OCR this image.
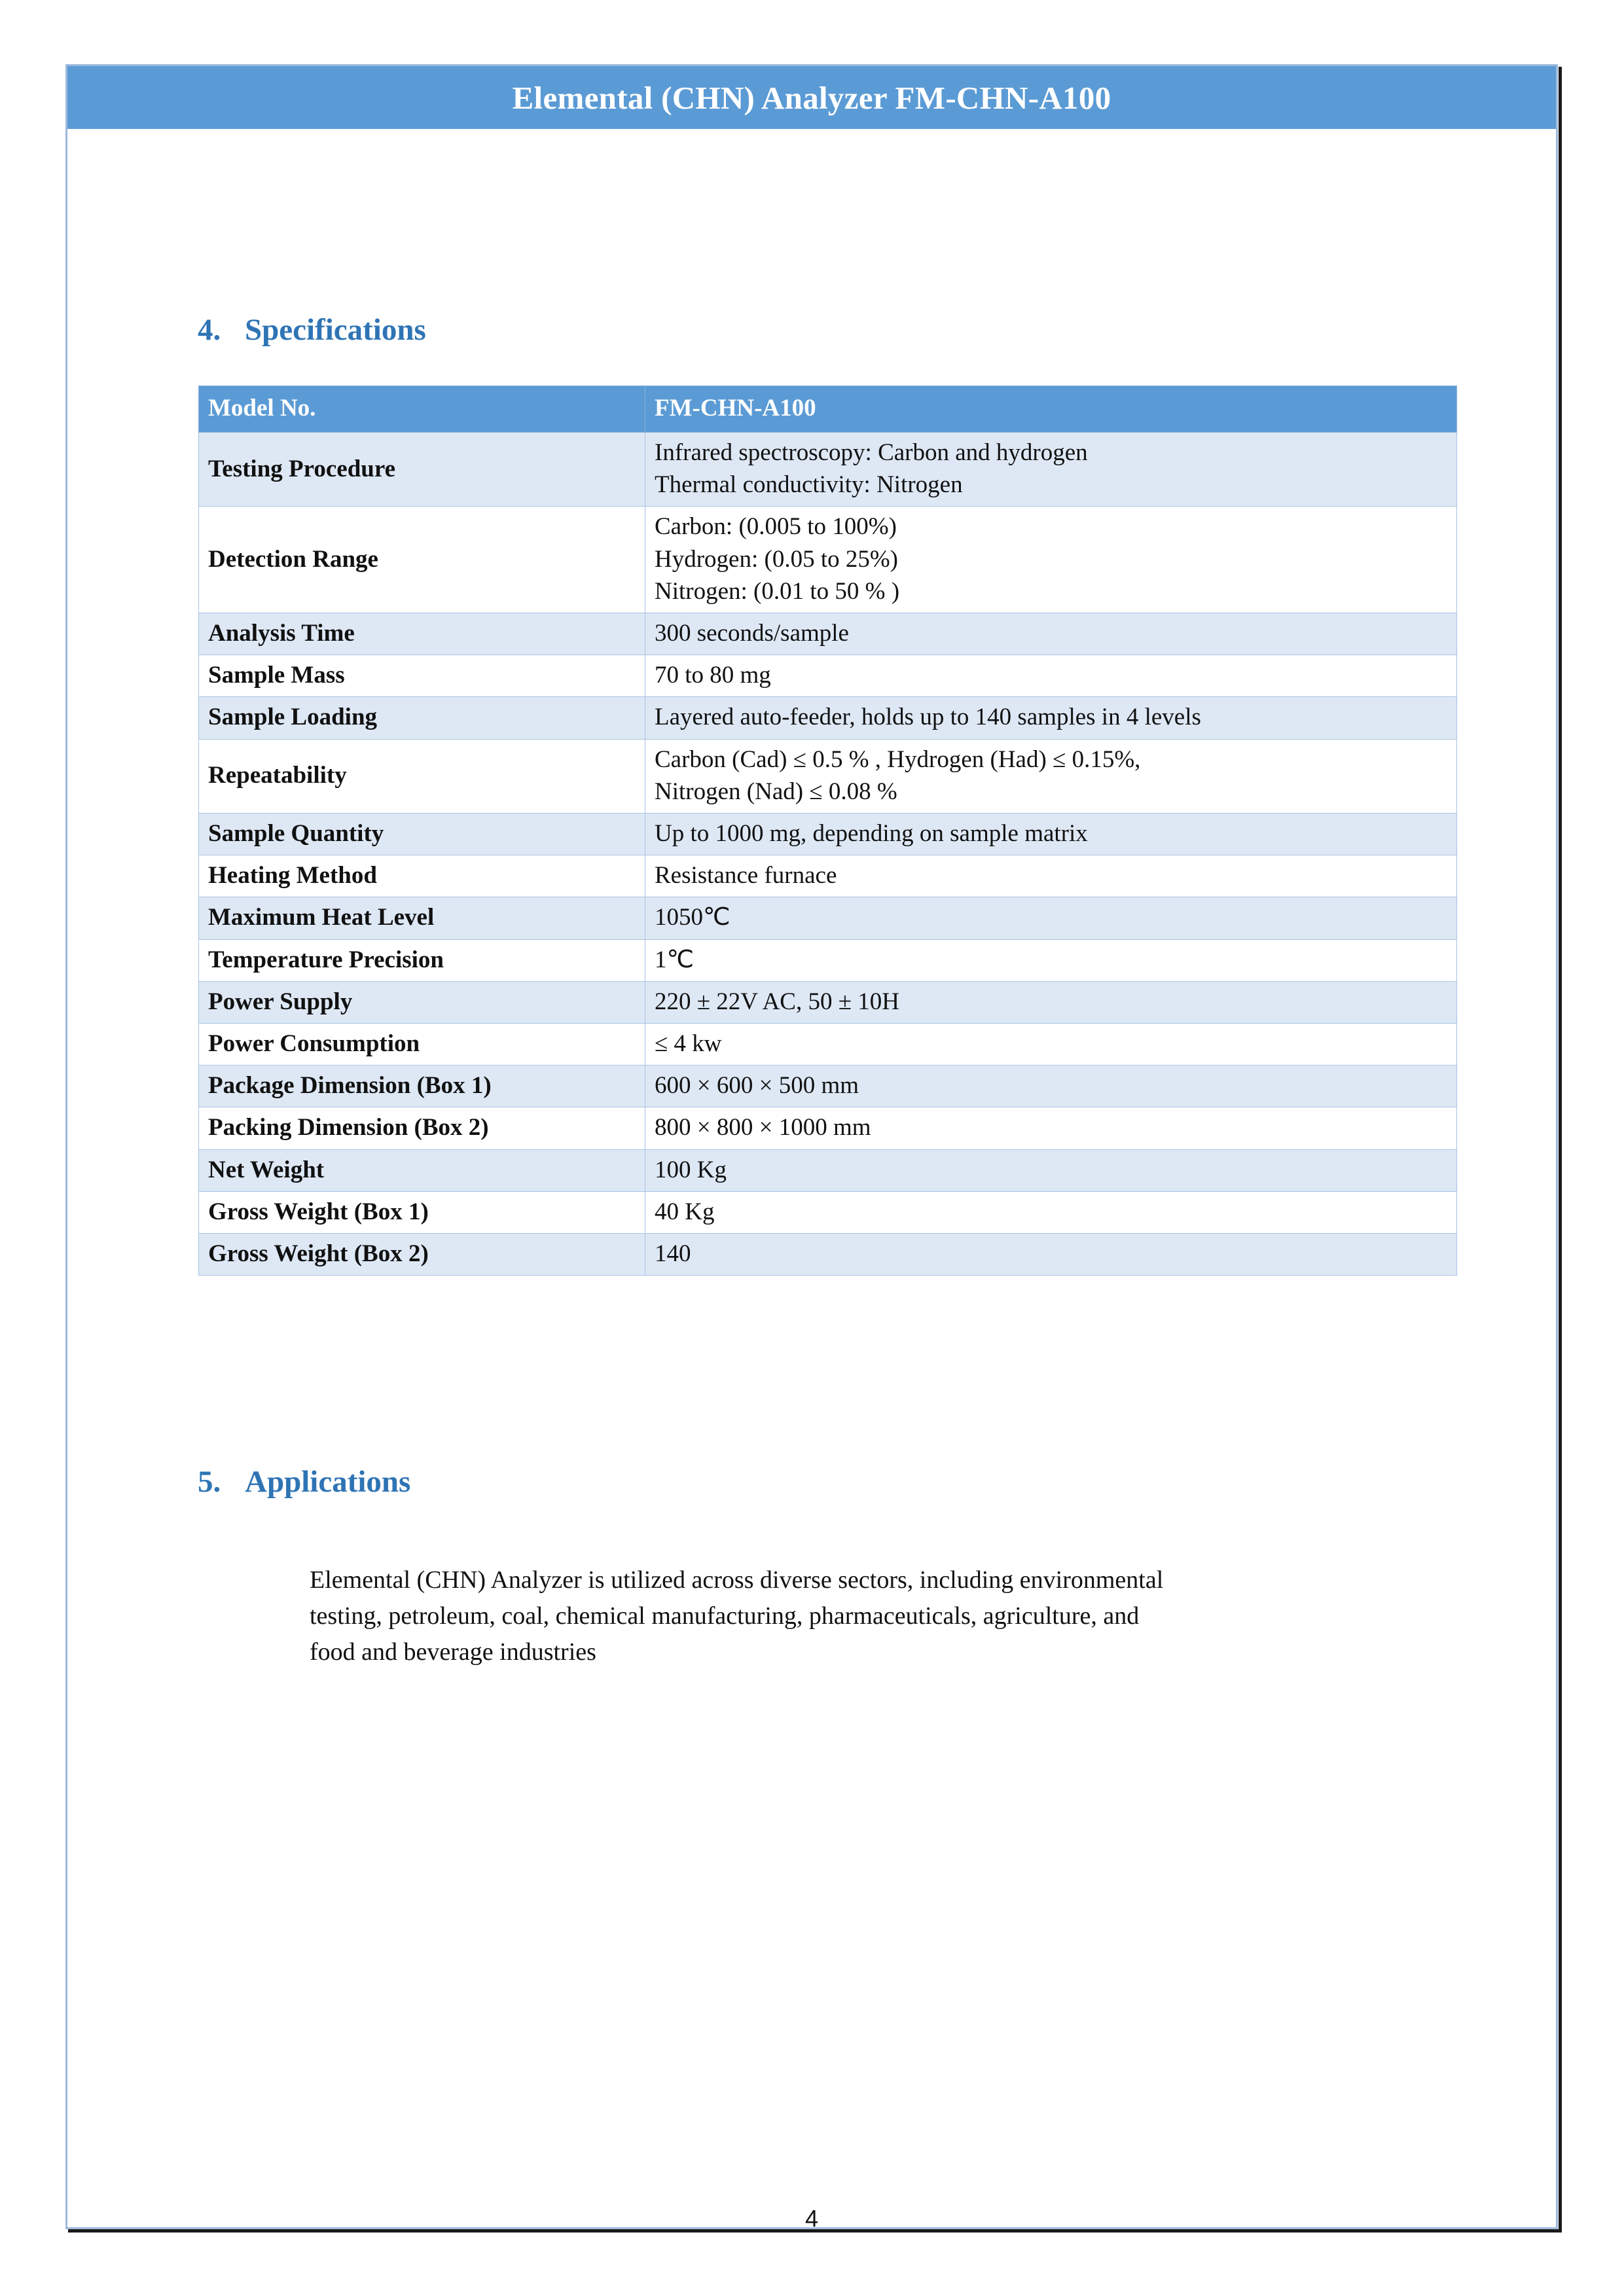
Elemental (CHN) Analyzer FM-CHN-A100
4. Specifications
Model No.	FM-CHN-A100
Testing Procedure	Infrared spectroscopy: Carbon and hydrogen
Thermal conductivity: Nitrogen

Detection Range	Carbon: (0.005 to 100%)
Hydrogen: (0.05 to 25%)
Nitrogen: (0.01 to 50 % )

Analysis Time	300 seconds/sample

Sample Mass	70 to 80 mg

Sample Loading	Layered auto-feeder, holds up to 140 samples in 4 levels

Repeatability	Carbon (Cad) ≤ 0.5 % , Hydrogen (Had) ≤ 0.15%,
Nitrogen (Nad) ≤ 0.08 %

Sample Quantity	Up to 1000 mg, depending on sample matrix

Heating Method	Resistance furnace

Maximum Heat Level	1050℃

Temperature Precision	1℃

Power Supply	220 ± 22V AC, 50 ± 10H

Power Consumption	≤ 4 kw

Package Dimension (Box 1)	600 × 600 × 500 mm

Packing Dimension (Box 2)	800 × 800 × 1000 mm

Net Weight	100 Kg

Gross Weight (Box 1)	40 Kg

Gross Weight (Box 2)	140
5. Applications
Elemental (CHN) Analyzer is utilized across diverse sectors, including environmental
testing, petroleum, coal, chemical manufacturing, pharmaceuticals, agriculture, and
food and beverage industries
4
